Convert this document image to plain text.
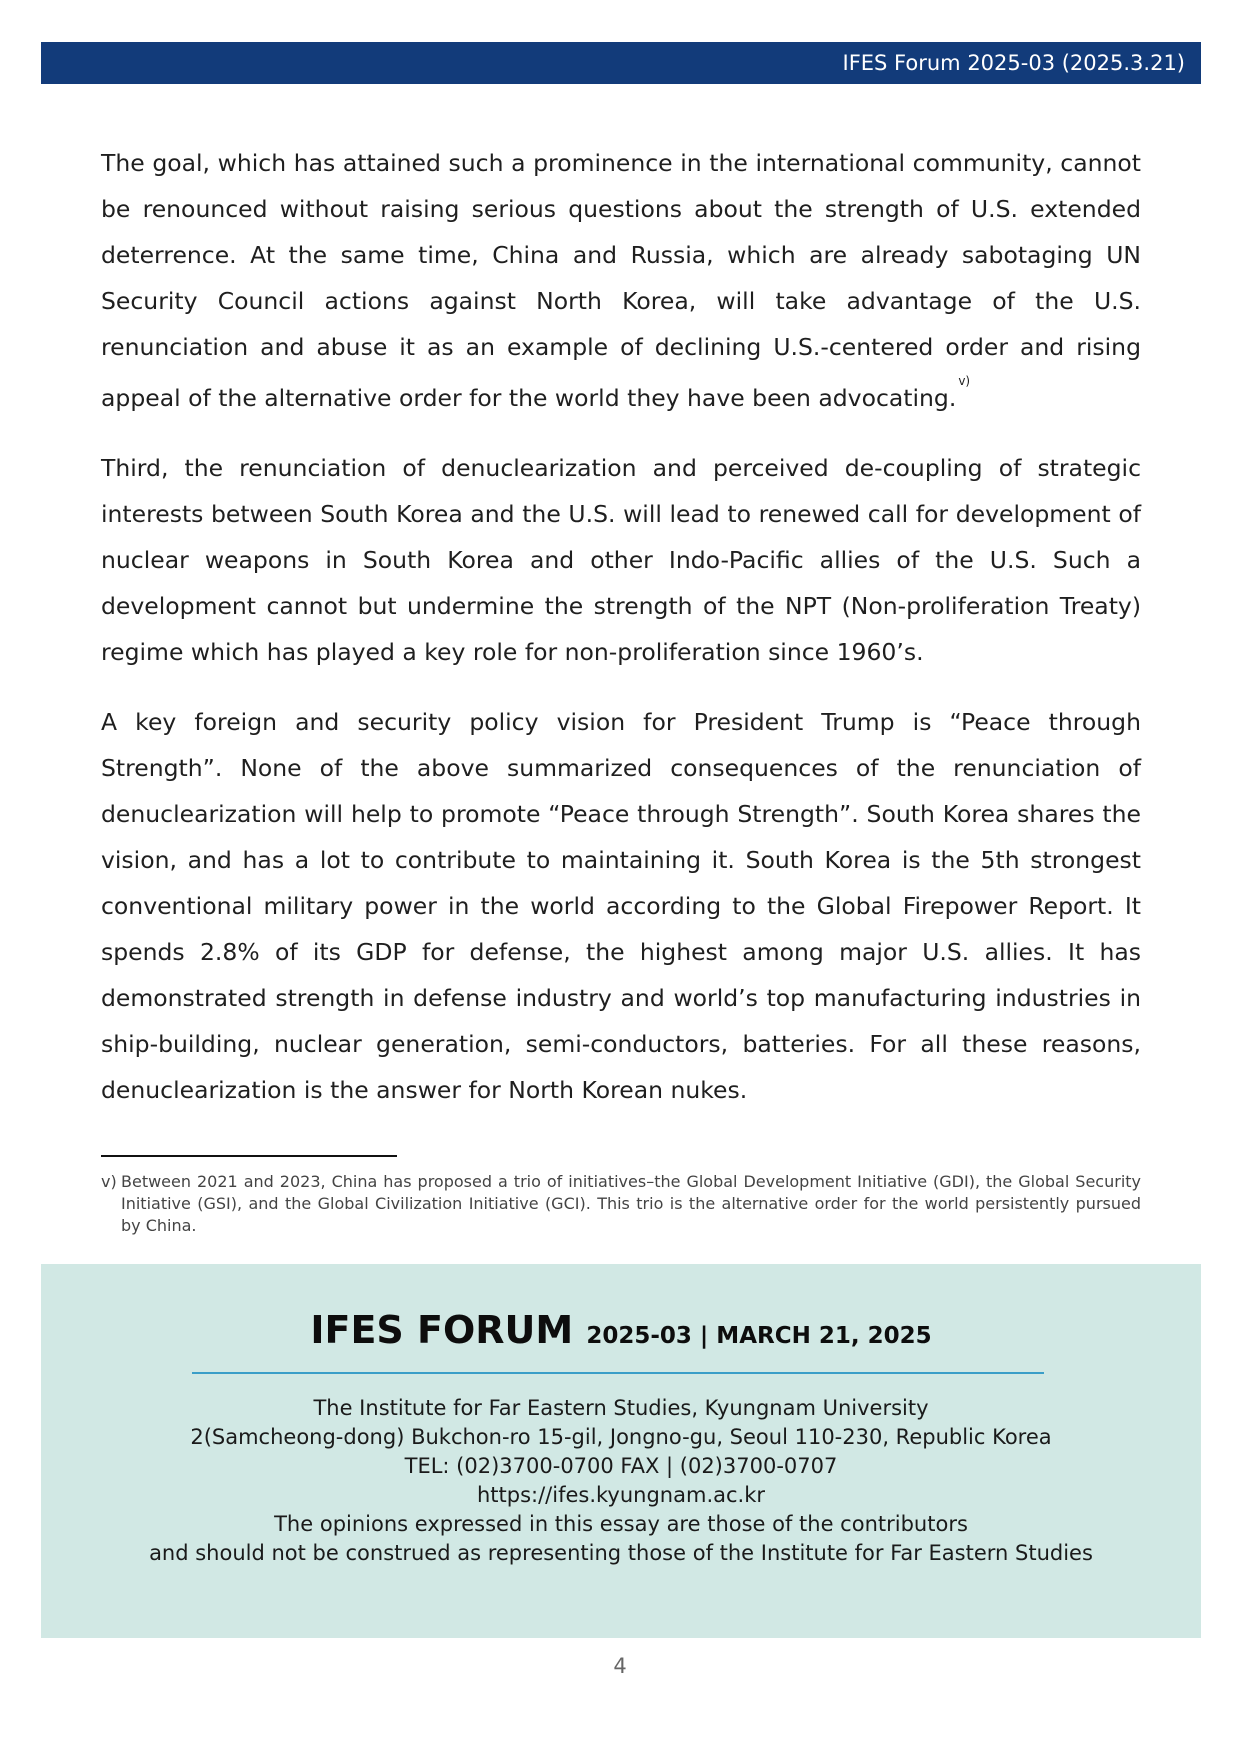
IFES Forum 2025-03 (2025.3.21)

The goal, which has attained such a prominence in the international community, cannot be renounced without raising serious questions about the strength of U.S. extended deterrence. At the same time, China and Russia, which are already sabotaging UN Security Council actions against North Korea, will take advantage of the U.S. renunciation and abuse it as an example of declining U.S.-centered order and rising appeal of the alternative order for the world they have been advocating.$^{v)}$

Third, the renunciation of denuclearization and perceived de-coupling of strategic interests between South Korea and the U.S. will lead to renewed call for development of nuclear weapons in South Korea and other Indo-Pacific allies of the U.S. Such a development cannot but undermine the strength of the NPT (Non-proliferation Treaty) regime which has played a key role for non-proliferation since 1960’s.

A key foreign and security policy vision for President Trump is “Peace through Strength”. None of the above summarized consequences of the renunciation of denuclearization will help to promote “Peace through Strength”. South Korea shares the vision, and has a lot to contribute to maintaining it. South Korea is the 5th strongest conventional military power in the world according to the Global Firepower Report. It spends 2.8% of its GDP for defense, the highest among major U.S. allies. It has demonstrated strength in defense industry and world’s top manufacturing industries in ship-building, nuclear generation, semi-conductors, batteries. For all these reasons, denuclearization is the answer for North Korean nukes.

v) Between 2021 and 2023, China has proposed a trio of initiatives–the Global Development Initiative (GDI), the Global Security Initiative (GSI), and the Global Civilization Initiative (GCI). This trio is the alternative order for the world persistently pursued by China.
IFES FORUM 2025-03 | MARCH 21, 2025
The Institute for Far Eastern Studies, Kyungnam University
2(Samcheong-dong) Bukchon-ro 15-gil, Jongno-gu, Seoul 110-230, Republic Korea
TEL: (02)3700-0700 FAX | (02)3700-0707
https://ifes.kyungnam.ac.kr
The opinions expressed in this essay are those of the contributors
and should not be construed as representing those of the Institute for Far Eastern Studies
4
